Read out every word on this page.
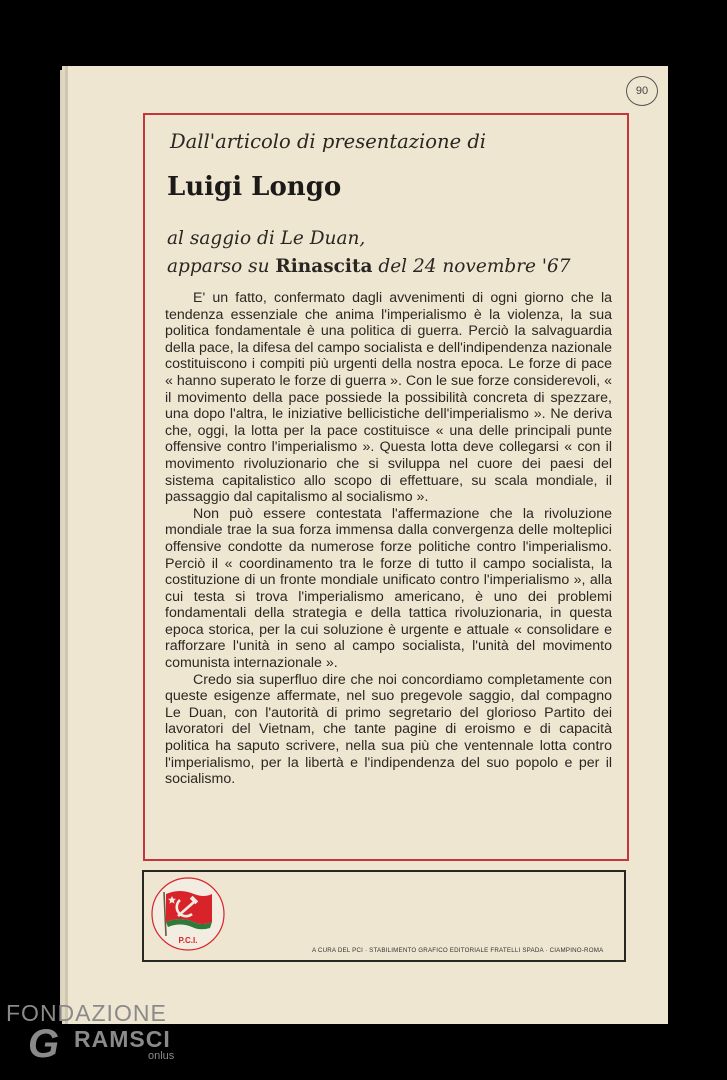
90
Dall'articolo di presentazione di
Luigi Longo
al saggio di Le Duan,
apparso su Rinascita del 24 novembre '67

E' un fatto, confermato dagli avvenimenti di ogni giorno che la tendenza essenziale che anima l'imperialismo è la violenza, la sua politica fondamentale è una politica di guerra. Perciò la salvaguardia della pace, la difesa del campo socialista e dell'indipendenza nazionale costituiscono i compiti più urgenti della nostra epoca. Le forze di pace « hanno superato le forze di guerra ». Con le sue forze considerevoli, « il movimento della pace possiede la possibilità concreta di spezzare, una dopo l'altra, le iniziative bellicistiche dell'imperialismo ». Ne deriva che, oggi, la lotta per la pace costituisce « una delle principali punte offensive contro l'imperialismo ». Questa lotta deve collegarsi « con il movimento rivoluzionario che si sviluppa nel cuore dei paesi del sistema capitalistico allo scopo di effettuare, su scala mondiale, il passaggio dal capitalismo al socialismo ».

Non può essere contestata l'affermazione che la rivoluzione mondiale trae la sua forza immensa dalla convergenza delle molteplici offensive condotte da numerose forze politiche contro l'imperialismo. Perciò il « coordinamento tra le forze di tutto il campo socialista, la costituzione di un fronte mondiale unificato contro l'imperialismo », alla cui testa si trova l'imperialismo americano, è uno dei problemi fondamentali della strategia e della tattica rivoluzionaria, in questa epoca storica, per la cui soluzione è urgente e attuale « consolidare e rafforzare l'unità in seno al campo socialista, l'unità del movimento comunista internazionale ».

Credo sia superfluo dire che noi concordiamo completamente con queste esigenze affermate, nel suo pregevole saggio, dal compagno Le Duan, con l'autorità di primo segretario del glorioso Partito dei lavoratori del Vietnam, che tante pagine di eroismo e di capacità politica ha saputo scrivere, nella sua più che ventennale lotta contro l'imperialismo, per la libertà e l'indipendenza del suo popolo e per il socialismo.

P.C.I.
A CURA DEL PCI · STABILIMENTO GRAFICO EDITORIALE FRATELLI SPADA · CIAMPINO-ROMA
FONDAZIONE
G RAMSCI
onlus
